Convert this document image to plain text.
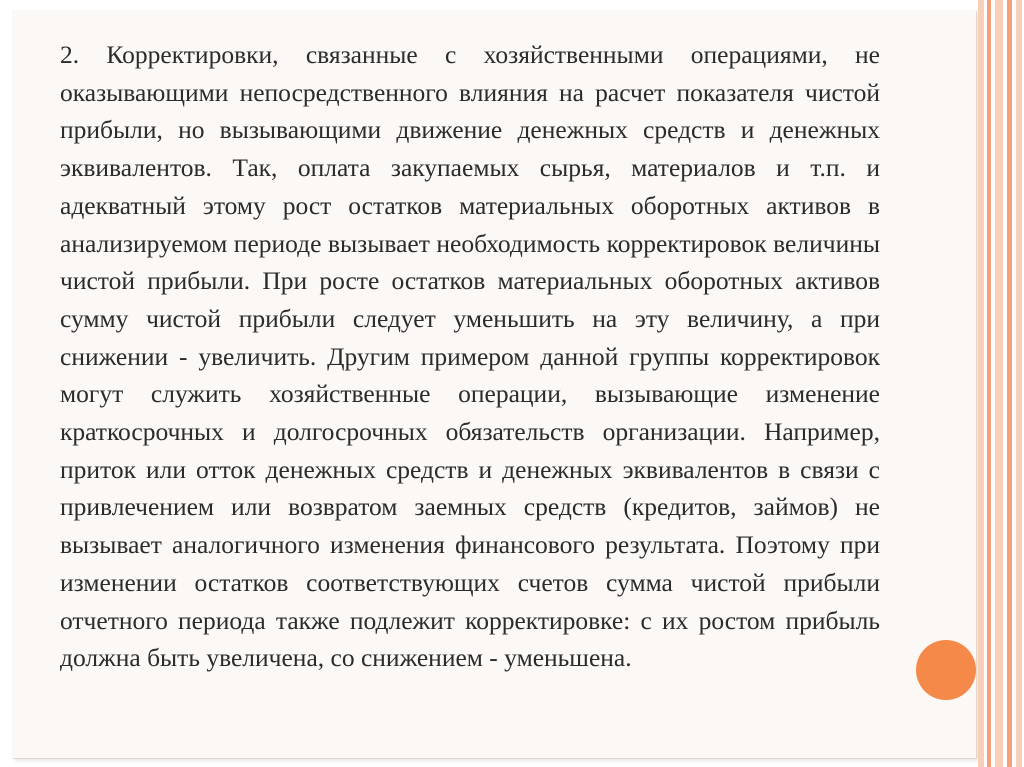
2. Корректировки, связанные с хозяйственными операциями, не оказывающими непосредственного влияния на расчет показателя чистой прибыли, но вызывающими движение денежных средств и денежных эквивалентов. Так, оплата закупаемых сырья, материалов и т.п. и адекватный этому рост остатков материальных оборотных активов в анализируемом периоде вызывает необходимость корректировок величины чистой прибыли. При росте остатков материальных оборотных активов сумму чистой прибыли следует уменьшить на эту величину, а при снижении - увеличить. Другим примером данной группы корректировок могут служить хозяйственные операции, вызывающие изменение краткосрочных и долгосрочных обязательств организации. Например, приток или отток денежных средств и денежных эквивалентов в связи с привлечением или возвратом заемных средств (кредитов, займов) не вызывает аналогичного изменения финансового результата. Поэтому при изменении остатков соответствующих счетов сумма чистой прибыли отчетного периода также подлежит корректировке: с их ростом прибыль должна быть увеличена, со снижением - уменьшена.
